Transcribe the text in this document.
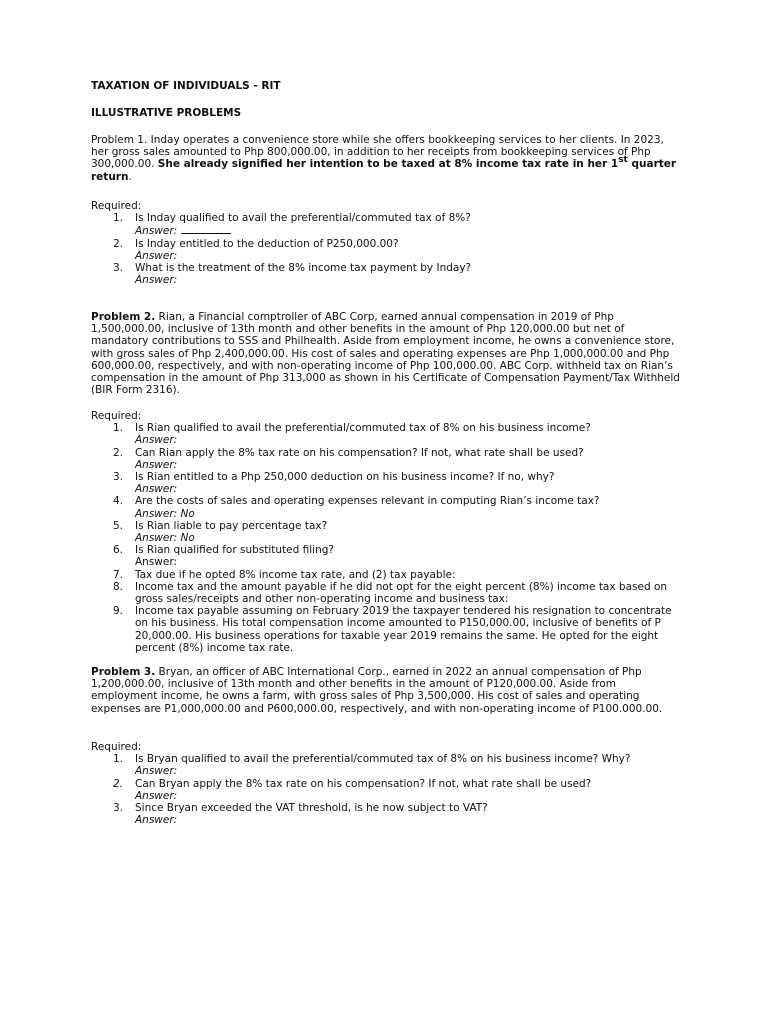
TAXATION OF INDIVIDUALS - RIT
ILLUSTRATIVE PROBLEMS

Problem 1. Inday operates a convenience store while she offers bookkeeping services to her clients. In 2023, her gross sales amounted to Php 800,000.00, in addition to her receipts from bookkeeping services of Php 300,000.00. She already signified her intention to be taxed at 8% income tax rate in her 1st quarter return.

Required:

1. Is Inday qualified to avail the preferential/commuted tax of 8%?
Answer:
2. Is Inday entitled to the deduction of P250,000.00?
Answer:
3. What is the treatment of the 8% income tax payment by Inday?
Answer:

Problem 2. Rian, a Financial comptroller of ABC Corp, earned annual compensation in 2019 of Php 1,500,000.00, inclusive of 13th month and other benefits in the amount of Php 120,000.00 but net of mandatory contributions to SSS and Philhealth. Aside from employment income, he owns a convenience store, with gross sales of Php 2,400,000.00. His cost of sales and operating expenses are Php 1,000,000.00 and Php 600,000.00, respectively, and with non-operating income of Php 100,000.00. ABC Corp. withheld tax on Rian’s compensation in the amount of Php 313,000 as shown in his Certificate of Compensation Payment/Tax Withheld (BIR Form 2316).

Required:

1. Is Rian qualified to avail the preferential/commuted tax of 8% on his business income?
Answer:
2. Can Rian apply the 8% tax rate on his compensation? If not, what rate shall be used?
Answer:
3. Is Rian entitled to a Php 250,000 deduction on his business income? If no, why?
Answer:
4. Are the costs of sales and operating expenses relevant in computing Rian’s income tax?
Answer: No
5. Is Rian liable to pay percentage tax?
Answer: No
6. Is Rian qualified for substituted filing?
Answer:
7. Tax due if he opted 8% income tax rate, and (2) tax payable:
8. Income tax and the amount payable if he did not opt for the eight percent (8%) income tax based on gross sales/receipts and other non-operating income and business tax:
9. Income tax payable assuming on February 2019 the taxpayer tendered his resignation to concentrate on his business. His total compensation income amounted to P150,000.00, inclusive of benefits of P 20,000.00. His business operations for taxable year 2019 remains the same. He opted for the eight percent (8%) income tax rate.

Problem 3. Bryan, an officer of ABC International Corp., earned in 2022 an annual compensation of Php 1,200,000.00, inclusive of 13th month and other benefits in the amount of P120,000.00. Aside from employment income, he owns a farm, with gross sales of Php 3,500,000. His cost of sales and operating expenses are P1,000,000.00 and P600,000.00, respectively, and with non-operating income of P100.000.00.

Required:

1. Is Bryan qualified to avail the preferential/commuted tax of 8% on his business income? Why?
Answer:
2. Can Bryan apply the 8% tax rate on his compensation? If not, what rate shall be used?
Answer:
3. Since Bryan exceeded the VAT threshold, is he now subject to VAT?
Answer:
